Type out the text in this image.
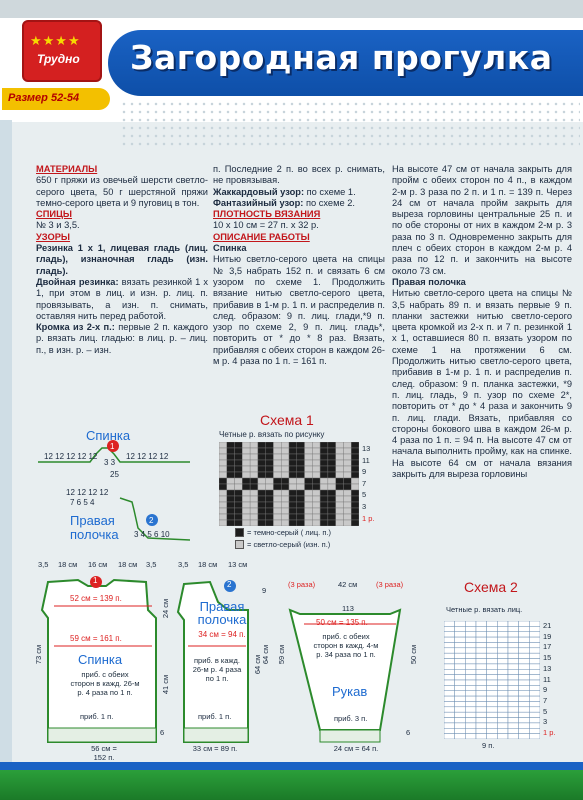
Загородная прогулка
★★★★
Трудно
10
Размер 52-54

МАТЕРИАЛЫ

650 г пряжи из овечьей шерсти светло-серого цвета, 50 г шерстяной пряжи темно-серого цвета и 9 пуговиц в тон.

СПИЦЫ

№ 3 и 3,5.

УЗОРЫ

Резинка 1 х 1, лицевая гладь (лиц. гладь), изнаночная гладь (изн. гладь).

Двойная резинка: вязать резинкой 1 х 1, при этом в лиц. и изн. р. лиц. п. провязывать, а изн. п. снимать, оставляя нить перед работой.

Кромка из 2-х п.: первые 2 п. каждого р. вязать лиц. гладью: в лиц. р. – лиц. п., в изн. р. – изн.

п. Последние 2 п. во всех р. снимать, не провязывая.

Жаккардовый узор: по схеме 1.

Фантазийный узор: по схеме 2.

ПЛОТНОСТЬ ВЯЗАНИЯ

10 х 10 см = 27 п. х 32 р.

ОПИСАНИЕ РАБОТЫ

Спинка

Нитью светло-серого цвета на спицы № 3,5 набрать 152 п. и связать 6 см узором по схеме 1. Продолжить вязание нитью светло-серого цвета, прибавив в 1-м р. 1 п. и распределив п. след. образом: 9 п. лиц. глади,*9 п. узор по схеме 2, 9 п. лиц. гладь*, повторить от * до * 8 раз. Вязать, прибавляя с обеих сторон в каждом 26-м р. 4 раза по 1 п. = 161 п.

На высоте 47 см от начала закрыть для пройм с обеих сторон по 4 п., в каждом 2-м р. 3 раза по 2 п. и 1 п. = 139 п. Через 24 см от начала пройм закрыть для выреза горловины центральные 25 п. и по обе стороны от них в каждом 2-м р. 3 раза по 3 п. Одновременно закрыть для плеч с обеих сторон в каждом 2-м р. 4 раза по 12 п. и закончить на высоте около 73 см.

Правая полочка

Нитью светло-серого цвета на спицы № 3,5 набрать 89 п. и вязать первые 9 п. планки застежки нитью светло-серого цвета кромкой из 2-х п. и 7 п. резинкой 1 х 1, оставшиеся 80 п. вязать узором по схеме 1 на протяжении 6 см. Продолжить нитью светло-серого цвета, прибавив в 1-м р. 1 п. и распределив п. след. образом: 9 п. планка застежки, *9 п. лиц. гладь, 9 п. узор по схеме 2*, повторить от * до * 4 раза и закончить 9 п. лиц. глади. Вязать, прибавляя со стороны бокового шва в каждом 26-м р. 4 раза по 1 п. = 94 п. На высоте 47 см от начала выполнить пройму, как на спинке. На высоте 64 см от начала вязания закрыть для выреза горловины

Спинка
12 12 12 12 12	12 12 12 12
3 3
25
1
12 12 12 12
7 6 5 4
3 4 5 6 10
2
Правая полочка
Схема 1
Четные р. вязать по рисунку
13
11
9
7
5
3
1 р.
= темно-серый ( лиц. п.)
= светло-серый (изн. п.)
3,5 18 см 16 см 18 см 3,5
1
52 см = 139 п.
59 см = 161 п.
Спинка
приб. с обеих сторон в кажд. 26-м р. 4 раза по 1 п.
приб. 1 п.
73 см
24 см
41 см
6
56 см = 152 п.
3,5 18 см 13 см
2
Правая полочка
34 см = 94 п.
приб. в кажд. 26-м р. 4 раза по 1 п.
приб. 1 п.
33 см = 89 п.
64 см
9
(3 раза)	(3 раза)
42 см
113
50 см = 135 п.
приб. с обеих сторон в кажд. 4-м р. 34 раза по 1 п.
Рукав
приб. 3 п.
24 см = 64 п.
59 см
64 см	50 см
6
Схема 2
Четные р. вязать лиц.
21
19
17
15
13
11
9
7
5
3
1 р.
9 п.
